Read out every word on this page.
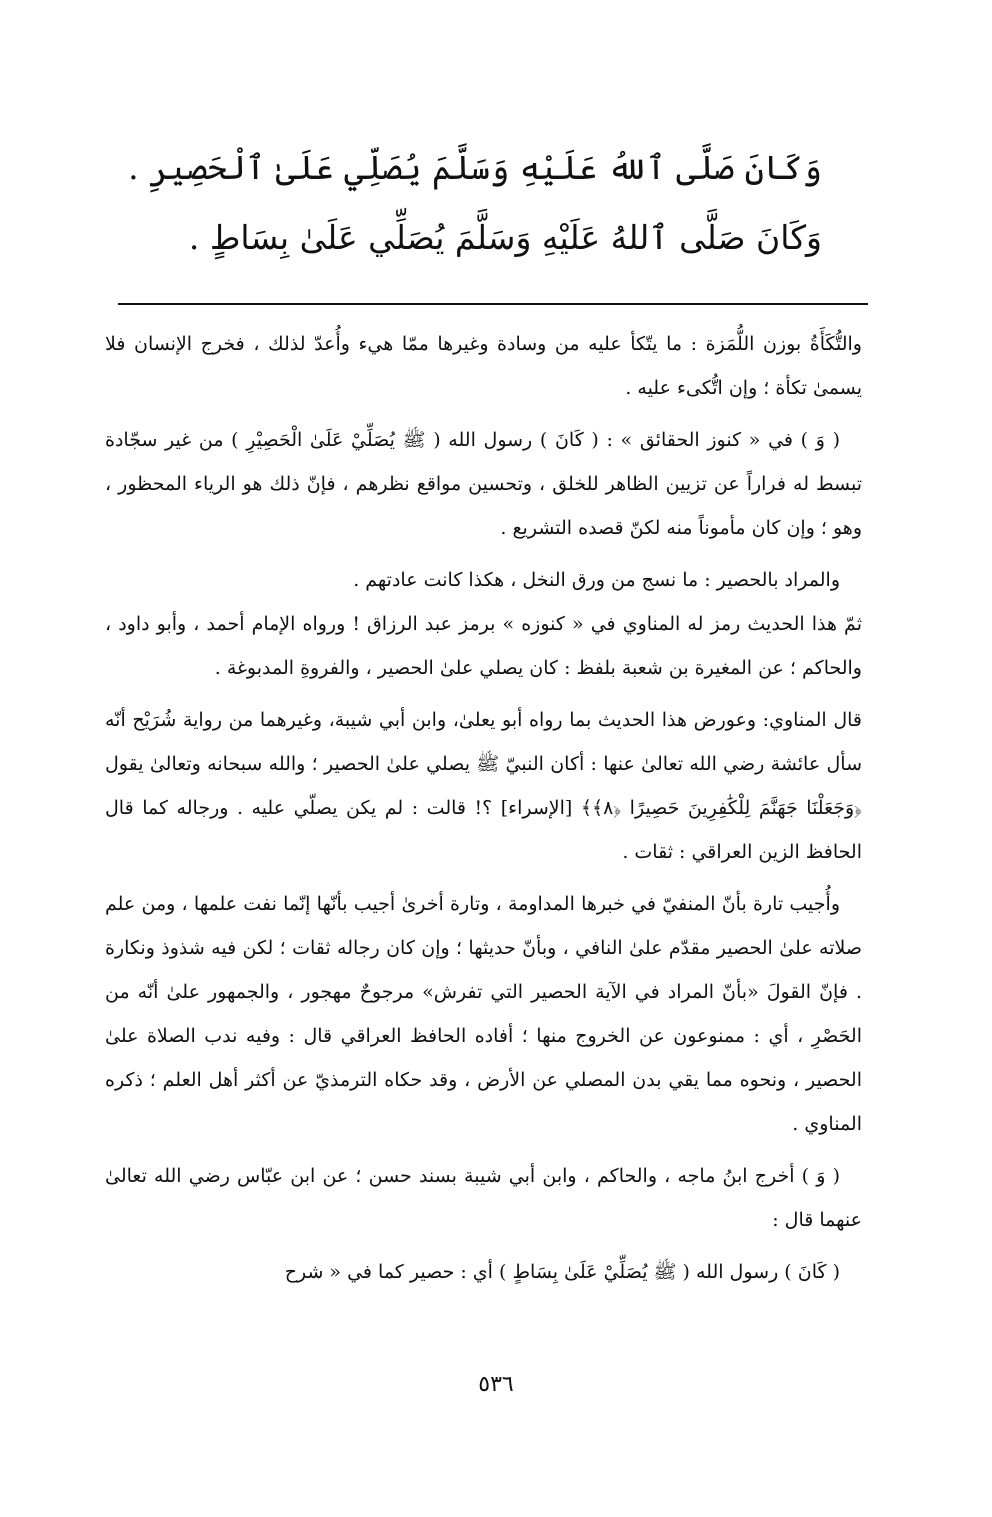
وَكَانَ صَلَّى ٱللهُ عَلَيْهِ وَسَلَّمَ يُصَلِّي عَلَىٰ ٱلْحَصِيرِ .
وَكَانَ صَلَّى ٱللهُ عَلَيْهِ وَسَلَّمَ يُصَلِّي عَلَىٰ بِسَاطٍ .

والتُّكَأَةُ بوزن اللُّمَزة : ما يتّكأ عليه من وسادة وغيرها ممّا هيء وأُعدّ لذلك ، فخرج الإنسان فلا يسمىٰ تكأة ؛ وإن اتُّكىء عليه .

( وَ ) في « كنوز الحقائق » : ( كَانَ ) رسول الله ( ﷺ يُصَلِّيْ عَلَىٰ الْحَصِيْرِ ) من غير سجّادة تبسط له فراراً عن تزيين الظاهر للخلق ، وتحسين مواقع نظرهم ، فإنّ ذلك هو الرياء المحظور ، وهو ؛ وإن كان مأموناً منه لكنّ قصده التشريع .

والمراد بالحصير : ما نسج من ورق النخل ، هكذا كانت عادتهم .

ثمّ هذا الحديث رمز له المناوي في « كنوزه » برمز عبد الرزاق ! ورواه الإمام أحمد ، وأبو داود ، والحاكم ؛ عن المغيرة بن شعبة بلفظ : كان يصلي علىٰ الحصير ، والفروةِ المدبوغة .

قال المناوي: وعورض هذا الحديث بما رواه أبو يعلىٰ، وابن أبي شيبة، وغيرهما من رواية شُرَيْح أنّه سأل عائشة رضي الله تعالىٰ عنها : أكان النبيّ ﷺ يصلي علىٰ الحصير ؛ والله سبحانه وتعالىٰ يقول ﴿وَجَعَلْنَا جَهَنَّمَ لِلْكَٰفِرِينَ حَصِيرًا ﴿٨﴾﴾ [الإسراء] ؟! قالت : لم يكن يصلّي عليه . ورجاله كما قال الحافظ الزين العراقي : ثقات .

وأُجيب تارة بأنّ المنفيّ في خبرها المداومة ، وتارة أخرىٰ أجيب بأنّها إنّما نفت علمها ، ومن علم صلاته علىٰ الحصير مقدّم علىٰ النافي ، وبأنّ حديثها ؛ وإن كان رجاله ثقات ؛ لكن فيه شذوذ ونكارة . فإنّ القولَ «بأنّ المراد في الآية الحصير التي تفرش» مرجوحٌ مهجور ، والجمهور علىٰ أنّه من الحَصْرِ ، أي : ممنوعون عن الخروج منها ؛ أفاده الحافظ العراقي قال : وفيه ندب الصلاة علىٰ الحصير ، ونحوه مما يقي بدن المصلي عن الأرض ، وقد حكاه الترمذيّ عن أكثر أهل العلم ؛ ذكره المناوي .

( وَ ) أخرج ابنُ ماجه ، والحاكم ، وابن أبي شيبة بسند حسن ؛ عن ابن عبّاس رضي الله تعالىٰ عنهما قال :

( كَانَ ) رسول الله ( ﷺ يُصَلِّيْ عَلَىٰ بِسَاطٍ ) أي : حصير كما في « شرح

٥٣٦
